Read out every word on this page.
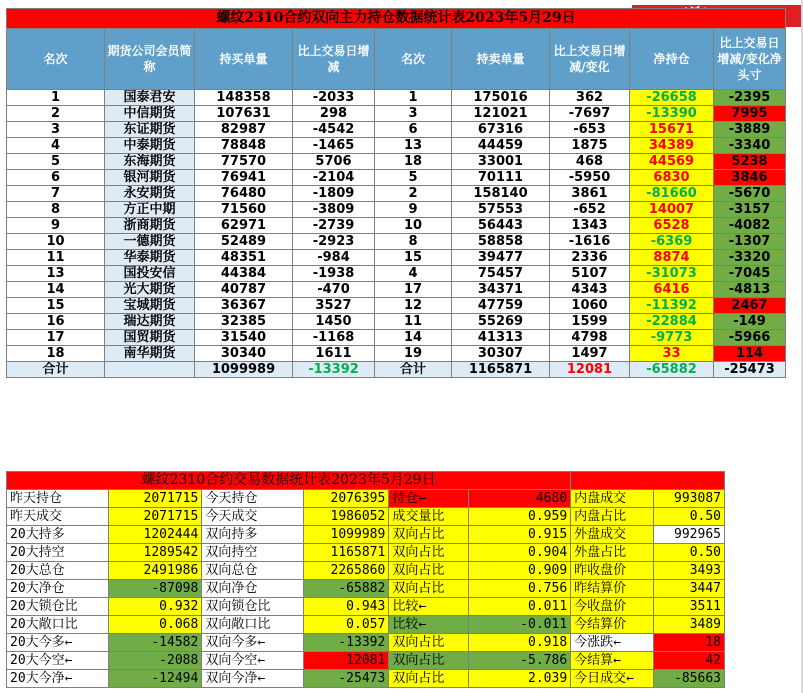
螺纹2310合约双向主力持仓数据统计表2023年5月29日								
名次	期货公司会员简称	持买单量	比上交易日增减	名次	持卖单量	比上交易日增减/变化	净持仓	比上交易日增减/变化净头寸
1	国泰君安	148358	-2033	1	175016	362	-26658	-2395
2	中信期货	107631	298	3	121021	-7697	-13390	7995
3	东证期货	82987	-4542	6	67316	-653	15671	-3889
4	中泰期货	78848	-1465	13	44459	1875	34389	-3340
5	东海期货	77570	5706	18	33001	468	44569	5238
6	银河期货	76941	-2104	5	70111	-5950	6830	3846
7	永安期货	76480	-1809	2	158140	3861	-81660	-5670
8	方正中期	71560	-3809	9	57553	-652	14007	-3157
9	浙商期货	62971	-2739	10	56443	1343	6528	-4082
10	一德期货	52489	-2923	8	58858	-1616	-6369	-1307
11	华泰期货	48351	-984	15	39477	2336	8874	-3320
13	国投安信	44384	-1938	4	75457	5107	-31073	-7045
14	光大期货	40787	-470	17	34371	4343	6416	-4813
15	宝城期货	36367	3527	12	47759	1060	-11392	2467
16	瑞达期货	32385	1450	11	55269	1599	-22884	-149
17	国贸期货	31540	-1168	14	41313	4798	-9773	-5966
18	南华期货	30340	1611	19	30307	1497	33	114
合计		1099989	-13392	合计	1165871	12081	-65882	-25473
螺纹2310合约交易数据统计表2023年5月29日							
昨天持仓	2071715	今天持仓	2076395	持仓←	4680	内盘成交	993087
昨天成交	2071715	今天成交	1986052	成交量比	0.959	内盘占比	0.50
20大持多	1202444	双向持多	1099989	双向占比	0.915	外盘成交	992965
20大持空	1289542	双向持空	1165871	双向占比	0.904	外盘占比	0.50
20大总仓	2491986	双向总仓	2265860	双向占比	0.909	昨收盘价	3493
20大净仓	-87098	双向净仓	-65882	双向占比	0.756	昨结算价	3447
20大锁仓比	0.932	双向锁仓比	0.943	比较←	0.011	今收盘价	3511
20大敞口比	0.068	双向敞口比	0.057	比较←	-0.011	今结算价	3489
20大今多←	-14582	双向今多←	-13392	双向占比	0.918	今涨跌←	18
20大今空←	-2088	双向今空←	12081	双向占比	-5.786	今结算←	42
20大今净←	-12494	双向今净←	-25473	双向占比	2.039	今日成交←	-85663
